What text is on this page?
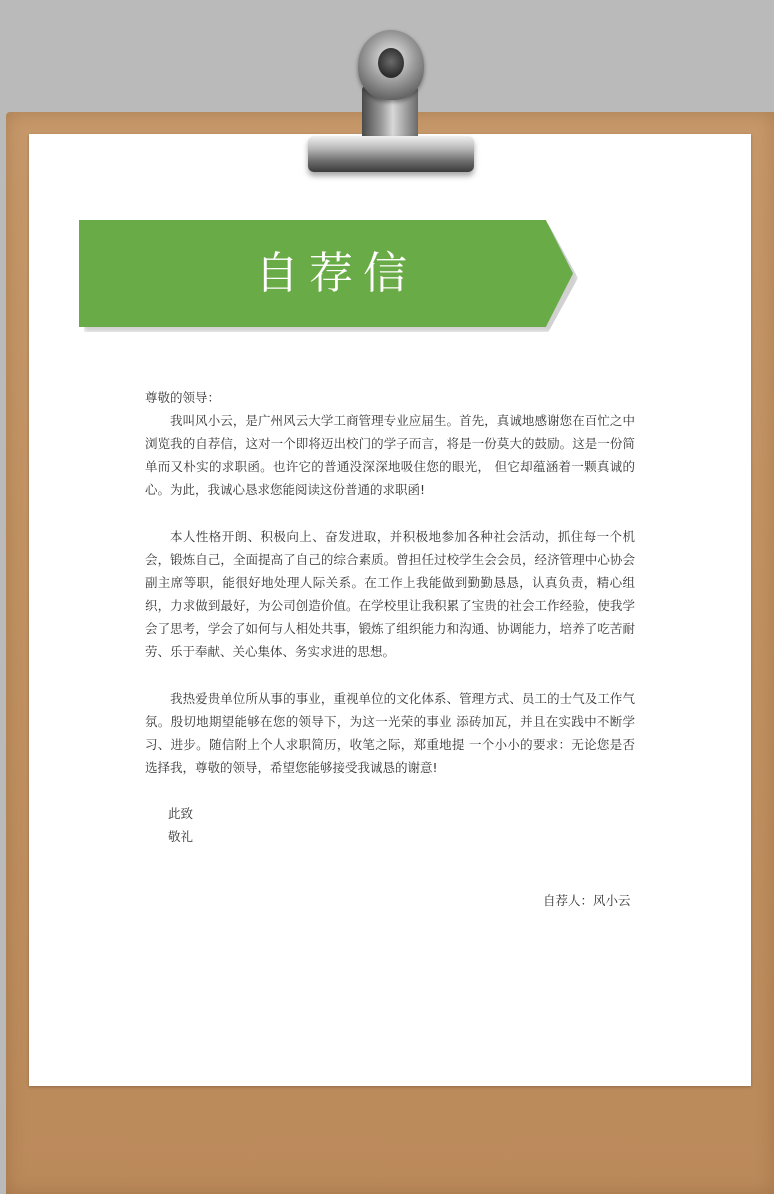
自荐信

尊敬的领导：

我叫风小云，是广州风云大学工商管理专业应届生。首先，真诚地感谢您在百忙之中浏览我的自荐信，这对一个即将迈出校门的学子而言，将是一份莫大的鼓励。这是一份简单而又朴实的求职函。也许它的普通没深深地吸住您的眼光， 但它却蕴涵着一颗真诚的心。为此，我诚心恳求您能阅读这份普通的求职函!

本人性格开朗、积极向上、奋发进取，并积极地参加各种社会活动，抓住每一个机会，锻炼自己，全面提高了自己的综合素质。曾担任过校学生会会员，经济管理中心协会副主席等职，能很好地处理人际关系。在工作上我能做到勤勤恳恳，认真负责，精心组织，力求做到最好，为公司创造价值。在学校里让我积累了宝贵的社会工作经验，使我学会了思考，学会了如何与人相处共事，锻炼了组织能力和沟通、协调能力，培养了吃苦耐劳、乐于奉献、关心集体、务实求进的思想。

我热爱贵单位所从事的事业，重视单位的文化体系、管理方式、员工的士气及工作气氛。殷切地期望能够在您的领导下，为这一光荣的事业 添砖加瓦，并且在实践中不断学习、进步。随信附上个人求职简历，收笔之际，郑重地提 一个小小的要求：无论您是否选择我，尊敬的领导，希望您能够接受我诚恳的谢意!

此致
敬礼
自荐人：风小云
